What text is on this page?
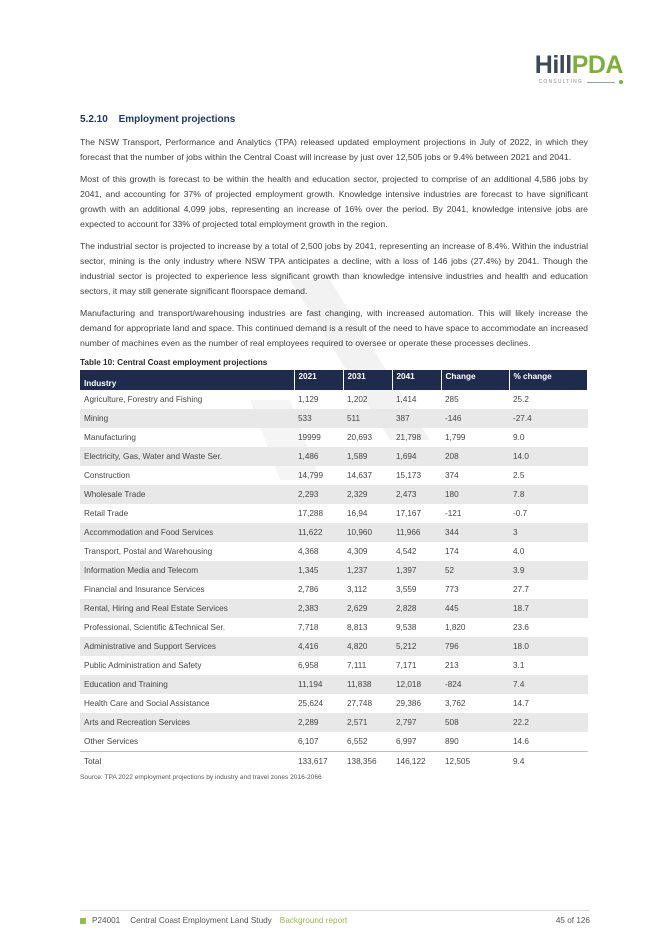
HillPDA
CONSULTING
5.2.10 Employment projections

The NSW Transport, Performance and Analytics (TPA) released updated employment projections in July of 2022, in which they forecast that the number of jobs within the Central Coast will increase by just over 12,505 jobs or 9.4% between 2021 and 2041.

Most of this growth is forecast to be within the health and education sector, projected to comprise of an additional 4,586 jobs by 2041, and accounting for 37% of projected employment growth. Knowledge intensive industries are forecast to have significant growth with an additional 4,099 jobs, representing an increase of 16% over the period. By 2041, knowledge intensive jobs are expected to account for 33% of projected total employment growth in the region.

The industrial sector is projected to increase by a total of 2,500 jobs by 2041, representing an increase of 8.4%. Within the industrial sector, mining is the only industry where NSW TPA anticipates a decline, with a loss of 146 jobs (27.4%) by 2041. Though the industrial sector is projected to experience less significant growth than knowledge intensive industries and health and education sectors, it may still generate significant floorspace demand.

Manufacturing and transport/warehousing industries are fast changing, with increased automation. This will likely increase the demand for appropriate land and space. This continued demand is a result of the need to have space to accommodate an increased number of machines even as the number of real employees required to oversee or operate these processes declines.

Table 10: Central Coast employment projections
Industry	2021	2031	2041	Change	% change
Agriculture, Forestry and Fishing	1,129	1,202	1,414	285	25.2
Mining	533	511	387	-146	-27.4
Manufacturing	19999	20,693	21,798	1,799	9.0
Electricity, Gas, Water and Waste Ser.	1,486	1,589	1,694	208	14.0
Construction	14,799	14,637	15,173	374	2.5
Wholesale Trade	2,293	2,329	2,473	180	7.8
Retail Trade	17,288	16,94	17,167	-121	-0.7
Accommodation and Food Services	11,622	10,960	11,966	344	3
Transport, Postal and Warehousing	4,368	4,309	4,542	174	4.0
Information Media and Telecom	1,345	1,237	1,397	52	3.9
Financial and Insurance Services	2,786	3,112	3,559	773	27.7
Rental, Hiring and Real Estate Services	2,383	2,629	2,828	445	18.7
Professional, Scientific &Technical Ser.	7,718	8,813	9,538	1,820	23.6
Administrative and Support Services	4,416	4,820	5,212	796	18.0
Public Administration and Safety	6,958	7,111	7,171	213	3.1
Education and Training	11,194	11,838	12,018	-824	7.4
Health Care and Social Assistance	25,624	27,748	29,386	3,762	14.7
Arts and Recreation Services	2,289	2,571	2,797	508	22.2
Other Services	6,107	6,552	6,997	890	14.6
Total	133,617	138,356	146,122	12,505	9.4
Source: TPA 2022 employment projections by industry and travel zones 2016-2066
P24001 Central Coast Employment Land Study Background report	45 of 126
